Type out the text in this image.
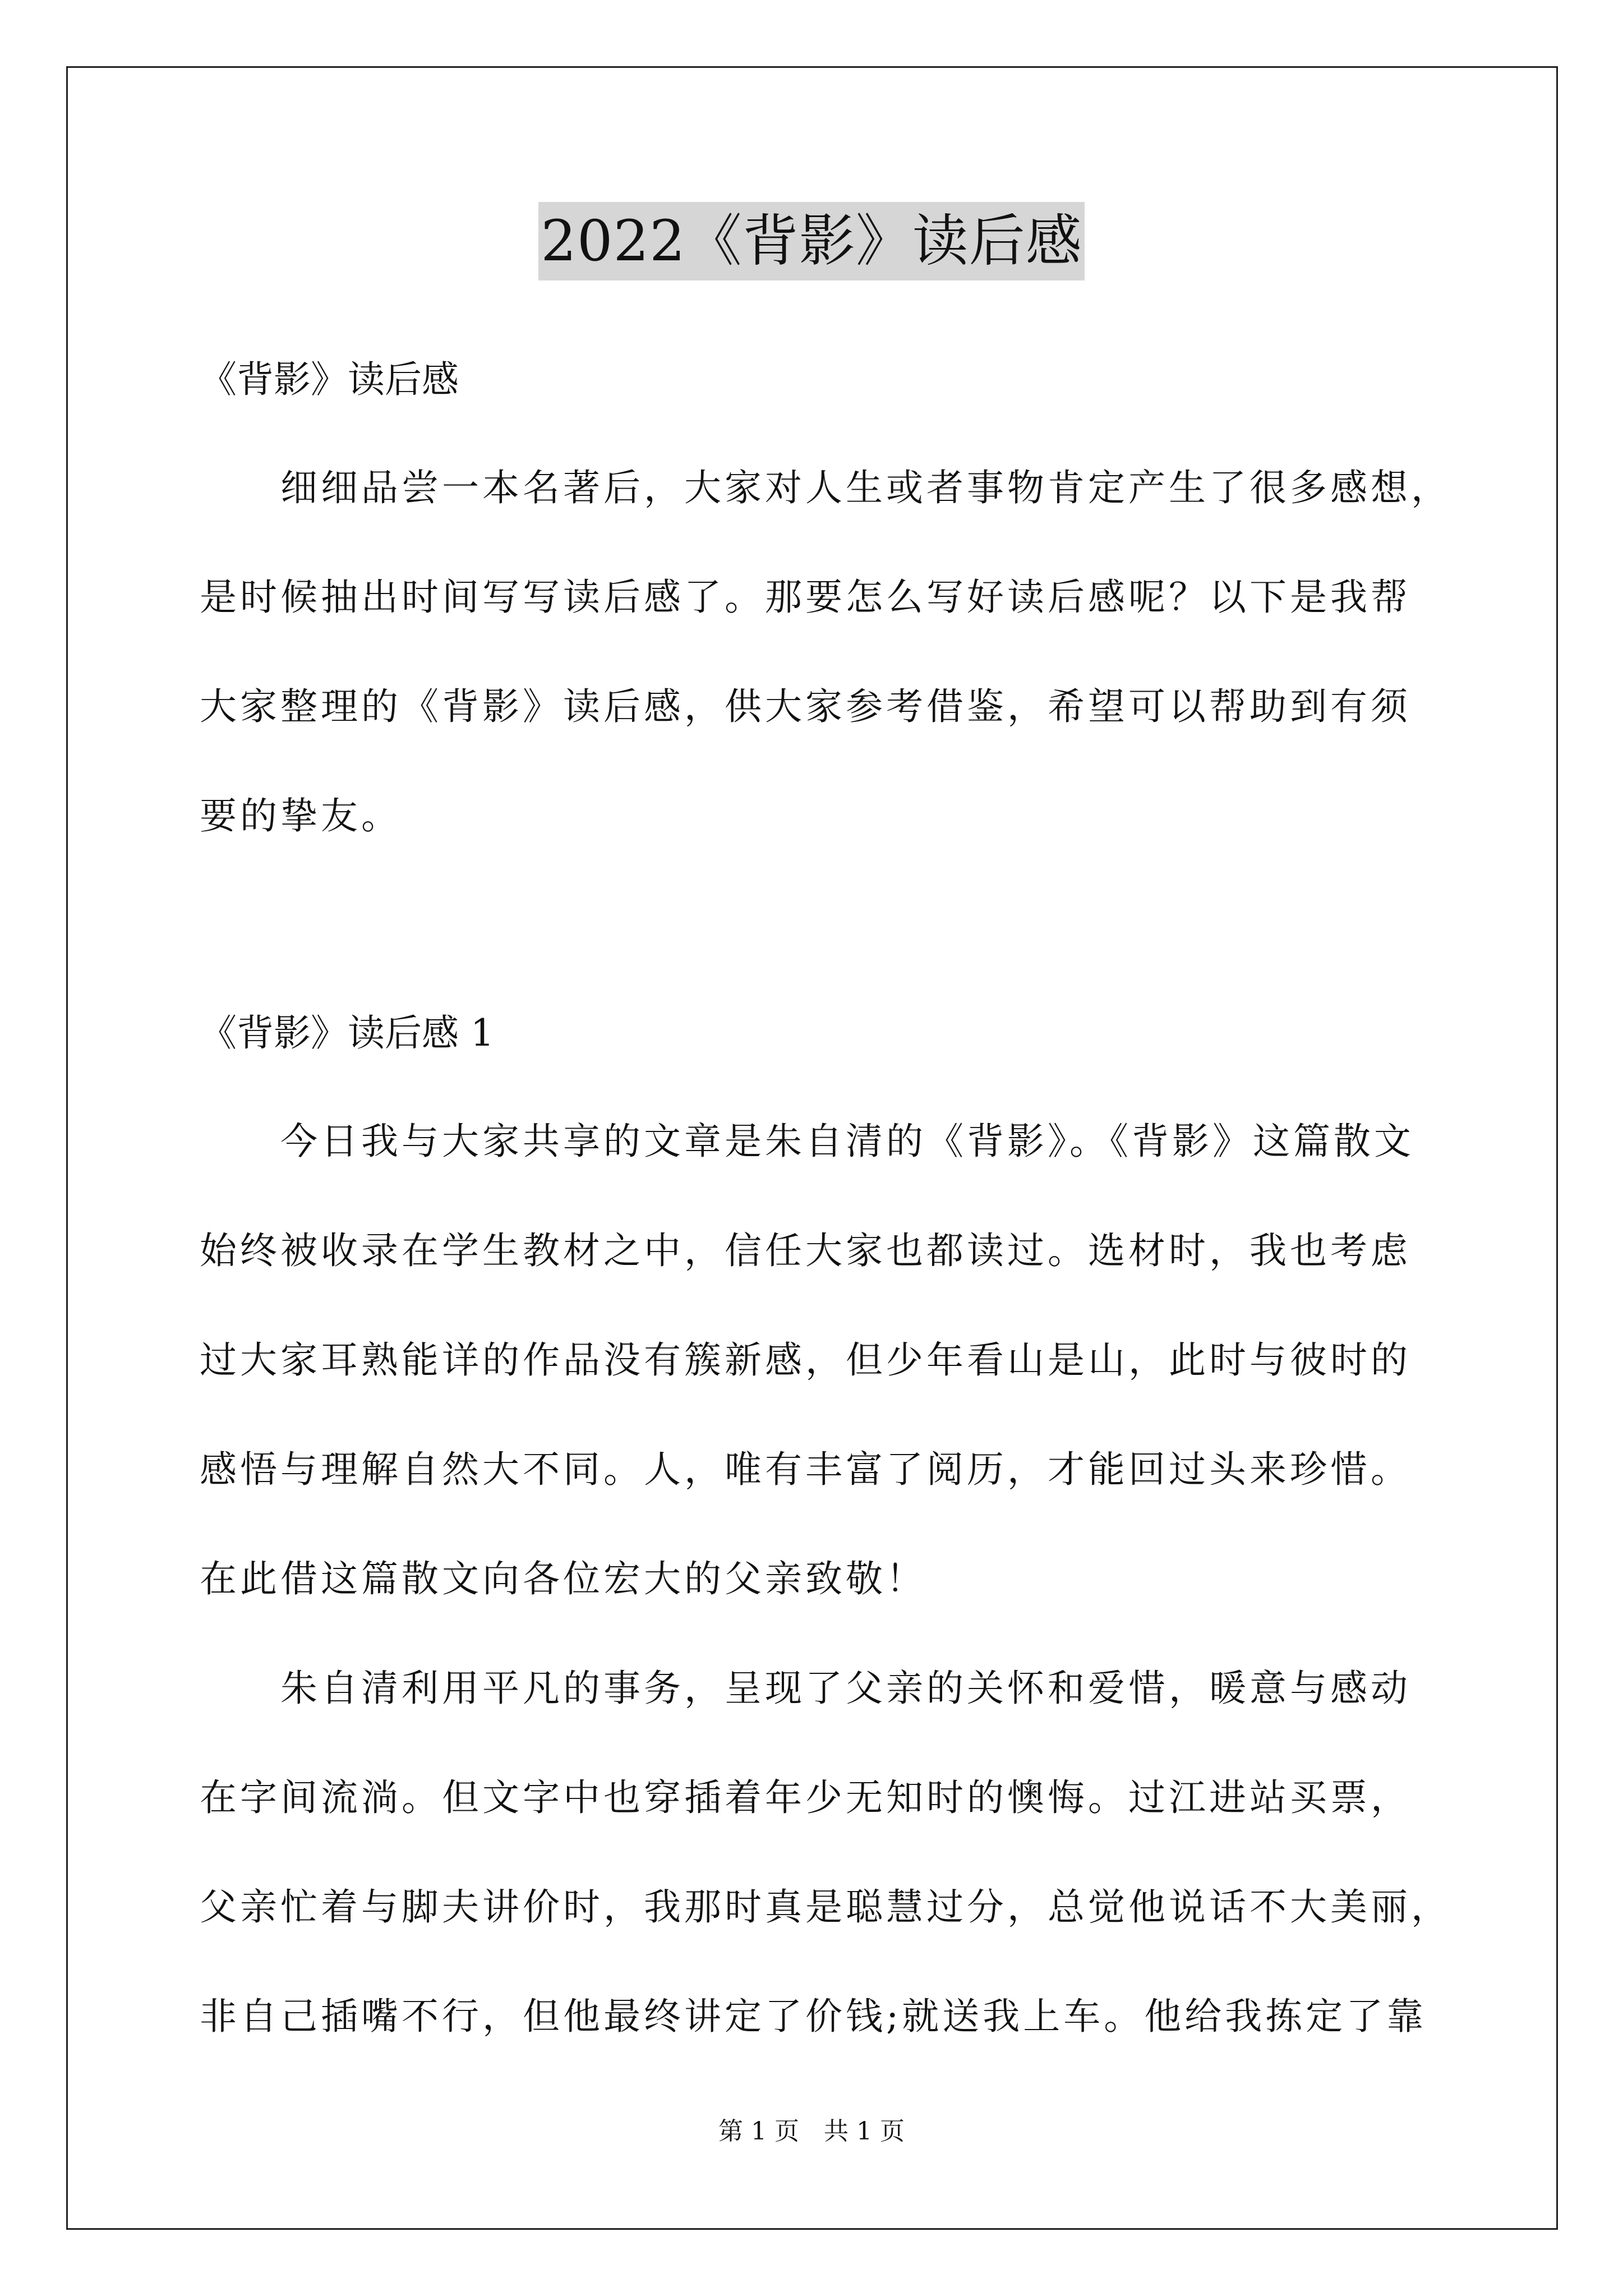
2022《背影》读后感
《背影》读后感
细细品尝一本名著后，大家对人生或者事物肯定产生了很多感想，
是时候抽出时间写写读后感了。那要怎么写好读后感呢？以下是我帮
大家整理的《背影》读后感，供大家参考借鉴，希望可以帮助到有须
要的挚友。
《背影》读后感 1
今日我与大家共享的文章是朱自清的《背影》。《背影》这篇散文
始终被收录在学生教材之中，信任大家也都读过。选材时，我也考虑
过大家耳熟能详的作品没有簇新感，但少年看山是山，此时与彼时的
感悟与理解自然大不同。人，唯有丰富了阅历，才能回过头来珍惜。
在此借这篇散文向各位宏大的父亲致敬！
朱自清利用平凡的事务，呈现了父亲的关怀和爱惜，暖意与感动
在字间流淌。但文字中也穿插着年少无知时的懊悔。过江进站买票，
父亲忙着与脚夫讲价时，我那时真是聪慧过分，总觉他说话不大美丽，
非自己插嘴不行，但他最终讲定了价钱;就送我上车。他给我拣定了靠
第 1 页　共 1 页
